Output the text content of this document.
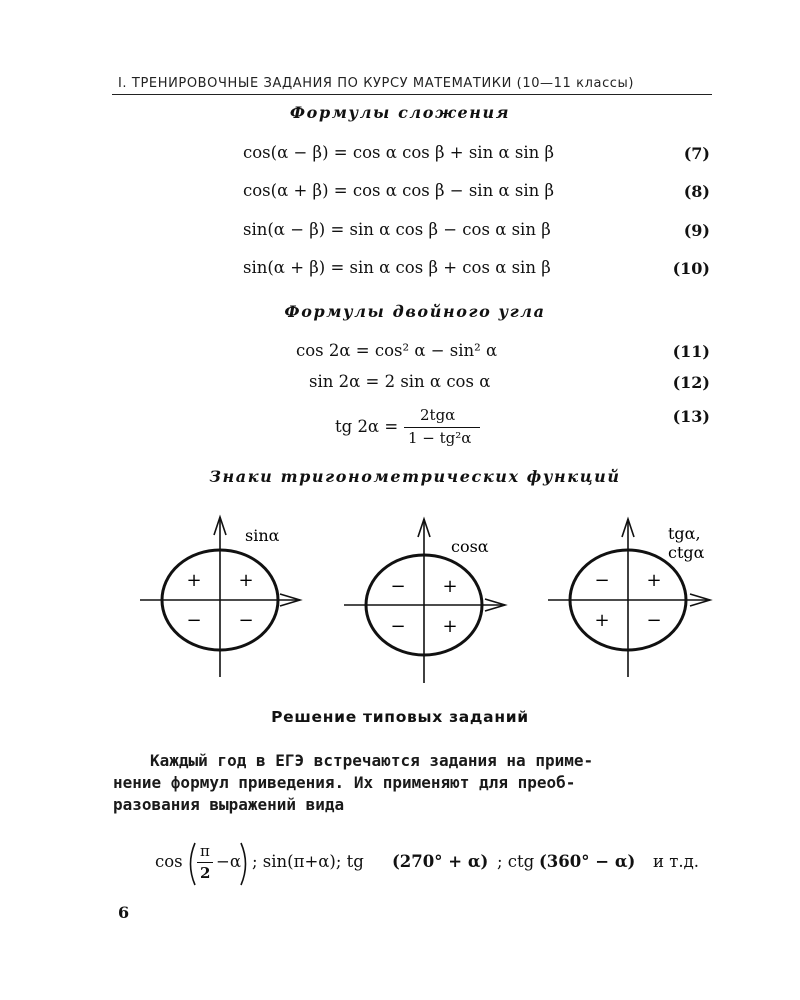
I. ТРЕНИРОВОЧНЫЕ ЗАДАНИЯ ПО КУРСУ МАТЕМАТИКИ (10—11 классы)
Формулы сложения
cos(α − β) = cos α cos β + sin α sin β	(7)
cos(α + β) = cos α cos β − sin α sin β	(8)
sin(α − β) = sin α cos β − cos α sin β	(9)
sin(α + β) = sin α cos β + cos α sin β	(10)
Формулы двойного угла
cos 2α = cos² α − sin² α	(11)
sin 2α = 2 sin α cos α	(12)
tg 2α =
2tgα
1 − tg²α
(13)
Знаки тригонометрических функций
sinα
+ +
− −
cosα
− +
− +
tgα,
ctgα
− +
+ −
Решение типовых заданий
Каждый год в ЕГЭ встречаются задания на приме-
нение формул приведения. Их применяют для преоб-
разования выражений вида
cos
π
2
−α ; sin(π+α); tg (270° + α) ; ctg (360° − α) и т.д.
6
